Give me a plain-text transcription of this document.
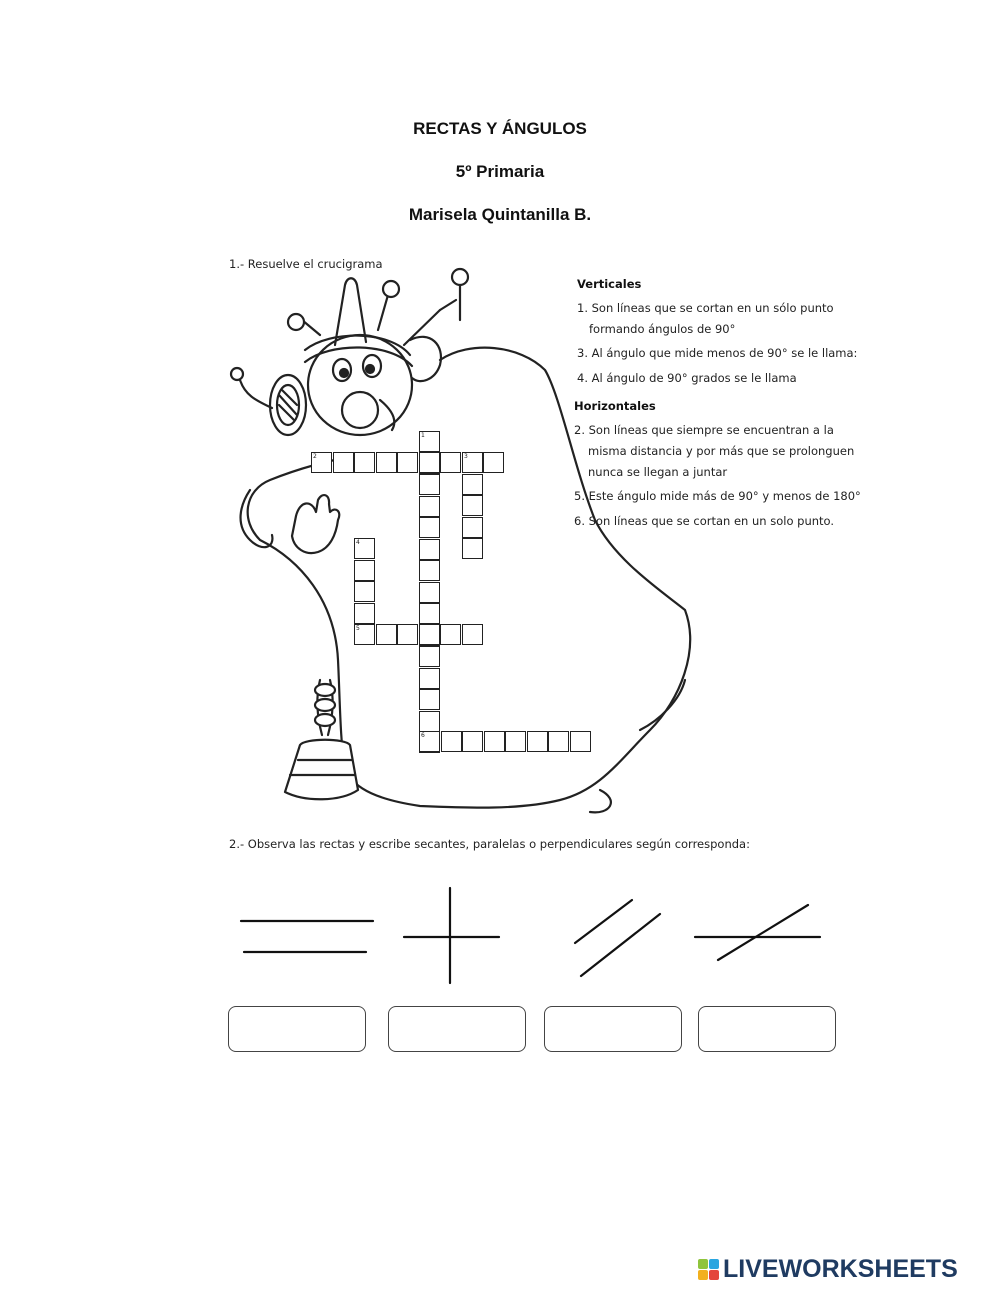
RECTAS Y ÁNGULOS
5º Primaria
Marisela Quintanilla B.
1.- Resuelve el crucigrama
Verticales
1. Son líneas que se cortan en un sólo punto
formando ángulos de 90°
3. Al ángulo que mide menos de 90° se le llama:
4. Al ángulo de 90° grados se le llama
Horizontales
2. Son líneas que siempre se encuentran a la
misma distancia y por más que se prolonguen
nunca se llegan a juntar
5. Este ángulo mide más de 90° y menos de 180°
6. Son líneas que se cortan en un solo punto.
1
2	3
4
5
6
2.- Observa las rectas y escribe secantes, paralelas o perpendiculares según corresponda:
LIVEWORKSHEETS
